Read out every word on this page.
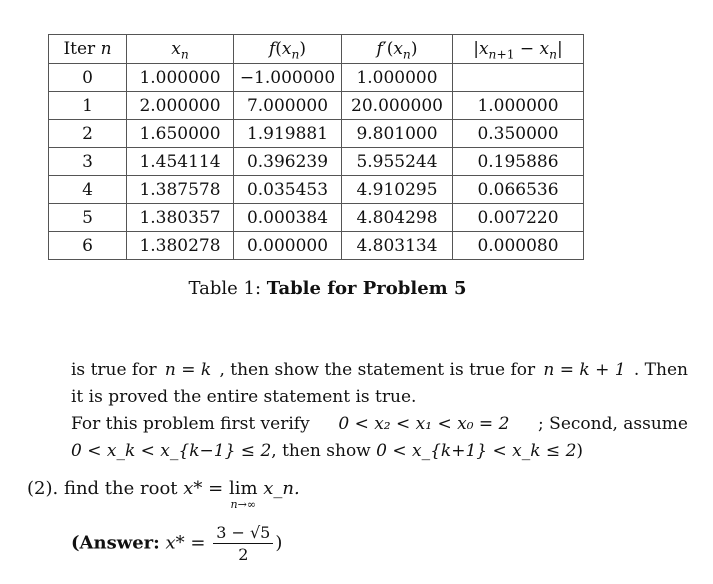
Iter n	$x_n$	$f(x_n)$	$f'(x_n)$	$|x_{n+1} - x_n|$
0	1.000000	−1.000000	1.000000	
1	2.000000	7.000000	20.000000	1.000000
2	1.650000	1.919881	9.801000	0.350000
3	1.454114	0.396239	5.955244	0.195886
4	1.387578	0.035453	4.910295	0.066536
5	1.380357	0.000384	4.804298	0.007220
6	1.380278	0.000000	4.803134	0.000080
Table 1: Table for Problem 5
is true for n = k , then show the statement is true for n = k + 1 . Then
it is proved the entire statement is true.
For this problem first verify 0 < x₂ < x₁ < x₀ = 2 ; Second, assume
0 < x_k < x_{k−1} ≤ 2, then show 0 < x_{k+1} < x_k ≤ 2)
(2). find the root x* = lim
n→∞
x_n.
(Answer: $x* = \frac{3 - √5}{2}$ )
